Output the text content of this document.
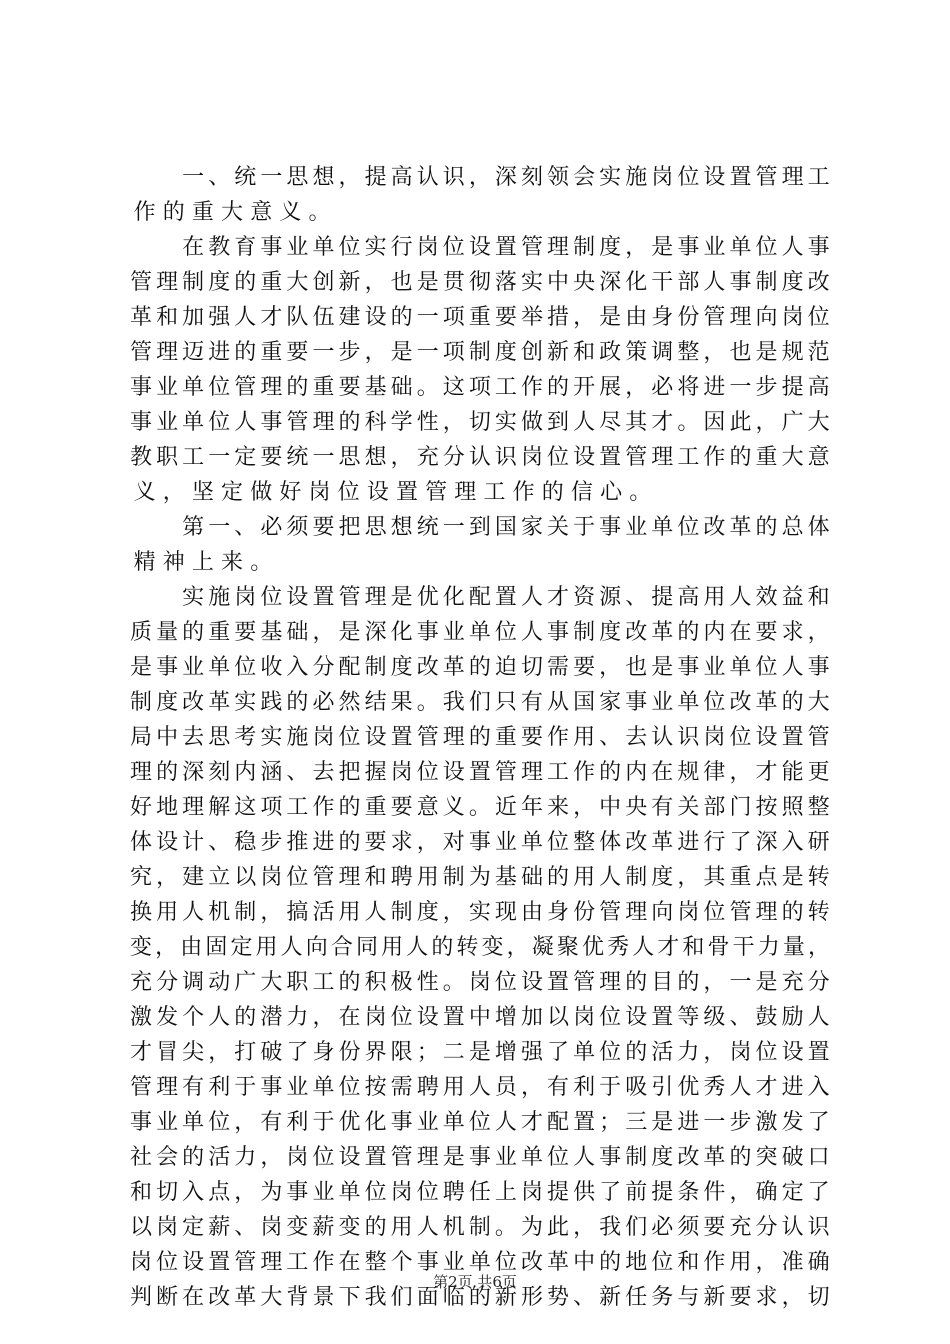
一 、 统 一 思 想 ， 提 高 认 识 ， 深 刻 领 会 实 施 岗 位 设 置 管 理 工
作 的 重 大 意 义 。

在 教 育 事 业 单 位 实 行 岗 位 设 置 管 理 制 度 ， 是 事 业 单 位 人 事
管 理 制 度 的 重 大 创 新 ， 也 是 贯 彻 落 实 中 央 深 化 干 部 人 事 制 度 改
革 和 加 强 人 才 队 伍 建 设 的 一 项 重 要 举 措 ， 是 由 身 份 管 理 向 岗 位
管 理 迈 进 的 重 要 一 步 ， 是 一 项 制 度 创 新 和 政 策 调 整 ， 也 是 规 范
事 业 单 位 管 理 的 重 要 基 础 。 这 项 工 作 的 开 展 ， 必 将 进 一 步 提 高
事 业 单 位 人 事 管 理 的 科 学 性 ， 切 实 做 到 人 尽 其 才 。 因 此 ， 广 大
教 职 工 一 定 要 统 一 思 想 ， 充 分 认 识 岗 位 设 置 管 理 工 作 的 重 大 意
义 ， 坚 定 做 好 岗 位 设 置 管 理 工 作 的 信 心 。

第 一 、 必 须 要 把 思 想 统 一 到 国 家 关 于 事 业 单 位 改 革 的 总 体
精 神 上 来 。

实 施 岗 位 设 置 管 理 是 优 化 配 置 人 才 资 源 、 提 高 用 人 效 益 和
质 量 的 重 要 基 础 ， 是 深 化 事 业 单 位 人 事 制 度 改 革 的 内 在 要 求 ，
是 事 业 单 位 收 入 分 配 制 度 改 革 的 迫 切 需 要 ， 也 是 事 业 单 位 人 事
制 度 改 革 实 践 的 必 然 结 果 。 我 们 只 有 从 国 家 事 业 单 位 改 革 的 大
局 中 去 思 考 实 施 岗 位 设 置 管 理 的 重 要 作 用 、 去 认 识 岗 位 设 置 管
理 的 深 刻 内 涵 、 去 把 握 岗 位 设 置 管 理 工 作 的 内 在 规 律 ， 才 能 更
好 地 理 解 这 项 工 作 的 重 要 意 义 。 近 年 来 ， 中 央 有 关 部 门 按 照 整
体 设 计 、 稳 步 推 进 的 要 求 ， 对 事 业 单 位 整 体 改 革 进 行 了 深 入 研
究 ， 建 立 以 岗 位 管 理 和 聘 用 制 为 基 础 的 用 人 制 度 ， 其 重 点 是 转
换 用 人 机 制 ， 搞 活 用 人 制 度 ， 实 现 由 身 份 管 理 向 岗 位 管 理 的 转
变 ， 由 固 定 用 人 向 合 同 用 人 的 转 变 ， 凝 聚 优 秀 人 才 和 骨 干 力 量 ，
充 分 调 动 广 大 职 工 的 积 极 性 。 岗 位 设 置 管 理 的 目 的 ， 一 是 充 分
激 发 个 人 的 潜 力 ， 在 岗 位 设 置 中 增 加 以 岗 位 设 置 等 级 、 鼓 励 人
才 冒 尖 ， 打 破 了 身 份 界 限 ； 二 是 增 强 了 单 位 的 活 力 ， 岗 位 设 置
管 理 有 利 于 事 业 单 位 按 需 聘 用 人 员 ， 有 利 于 吸 引 优 秀 人 才 进 入
事 业 单 位 ， 有 利 于 优 化 事 业 单 位 人 才 配 置 ； 三 是 进 一 步 激 发 了
社 会 的 活 力 ， 岗 位 设 置 管 理 是 事 业 单 位 人 事 制 度 改 革 的 突 破 口
和 切 入 点 ， 为 事 业 单 位 岗 位 聘 任 上 岗 提 供 了 前 提 条 件 ， 确 定 了
以 岗 定 薪 、 岗 变 薪 变 的 用 人 机 制 。 为 此 ， 我 们 必 须 要 充 分 认 识
岗 位 设 置 管 理 工 作 在 整 个 事 业 单 位 改 革 中 的 地 位 和 作 用 ， 准 确
判 断 在 改 革 大 背 景 下 我 们 面 临 的 新 形 势 、 新 任 务 与 新 要 求 ， 切
第2页 共6页
